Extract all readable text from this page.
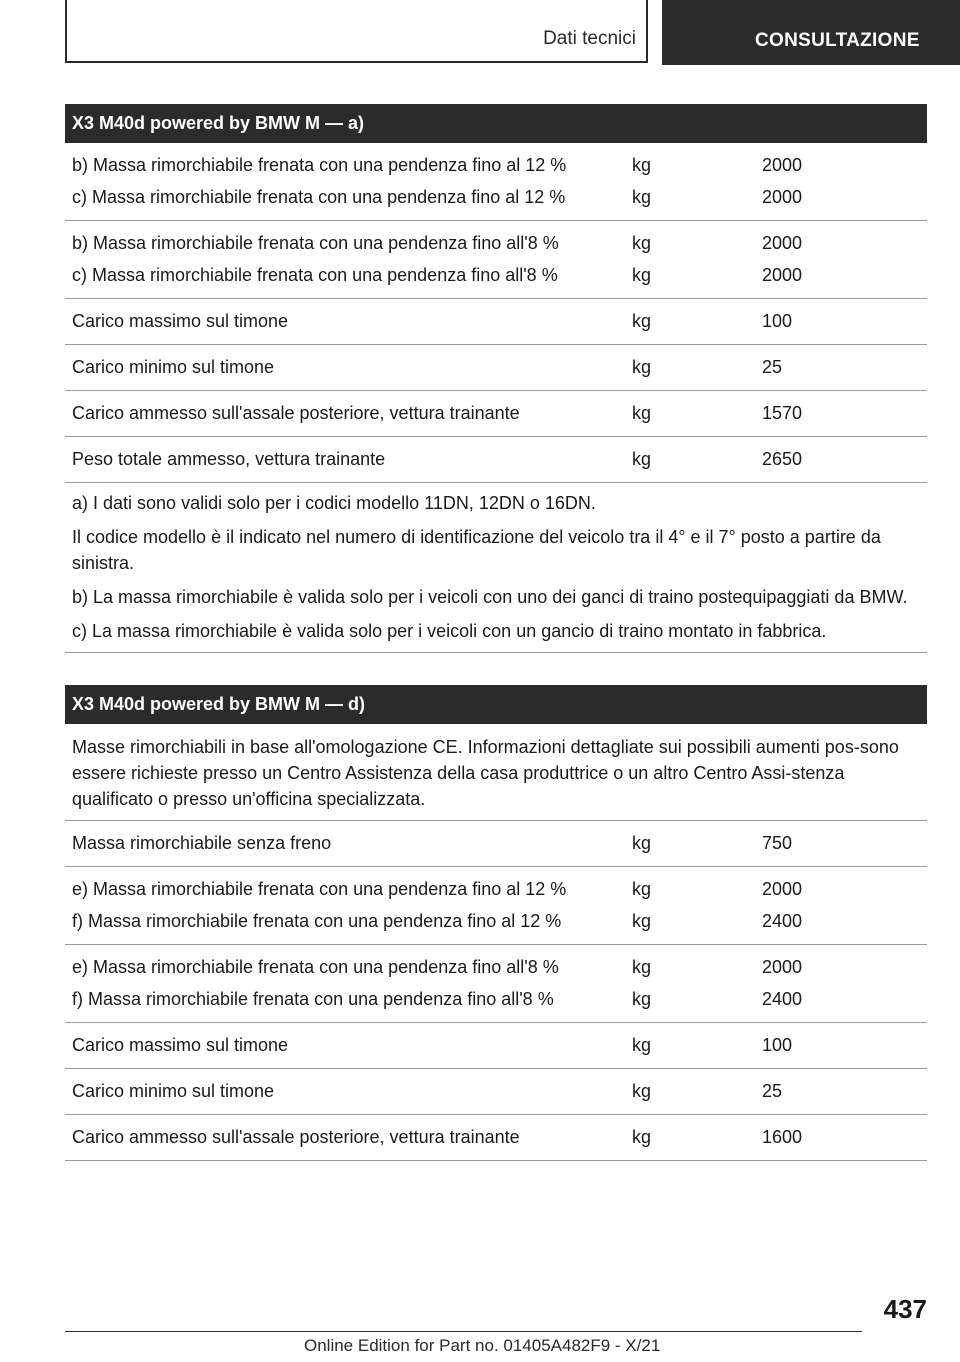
Dati tecnici	CONSULTAZIONE
X3 M40d powered by BMW M — a)
b) Massa rimorchiabile frenata con una pendenza fino al 12 %	kg	2000
c) Massa rimorchiabile frenata con una pendenza fino al 12 %	kg	2000
b) Massa rimorchiabile frenata con una pendenza fino all'8 %	kg	2000
c) Massa rimorchiabile frenata con una pendenza fino all'8 %	kg	2000
Carico massimo sul timone	kg	100
Carico minimo sul timone	kg	25
Carico ammesso sull'assale posteriore, vettura trainante	kg	1570
Peso totale ammesso, vettura trainante	kg	2650

a) I dati sono validi solo per i codici modello 11DN, 12DN o 16DN.

Il codice modello è il indicato nel numero di identificazione del veicolo tra il 4° e il 7° posto a partire da sinistra.

b) La massa rimorchiabile è valida solo per i veicoli con uno dei ganci di traino postequipaggiati da BMW.

c) La massa rimorchiabile è valida solo per i veicoli con un gancio di traino montato in fabbrica.

X3 M40d powered by BMW M — d)
Masse rimorchiabili in base all'omologazione CE. Informazioni dettagliate sui possibili aumenti pos-sono essere richieste presso un Centro Assistenza della casa produttrice o un altro Centro Assi-stenza qualificato o presso un'officina specializzata.
Massa rimorchiabile senza freno	kg	750
e) Massa rimorchiabile frenata con una pendenza fino al 12 %	kg	2000
f) Massa rimorchiabile frenata con una pendenza fino al 12 %	kg	2400
e) Massa rimorchiabile frenata con una pendenza fino all'8 %	kg	2000
f) Massa rimorchiabile frenata con una pendenza fino all'8 %	kg	2400
Carico massimo sul timone	kg	100
Carico minimo sul timone	kg	25
Carico ammesso sull'assale posteriore, vettura trainante	kg	1600
437
Online Edition for Part no. 01405A482F9 - X/21
